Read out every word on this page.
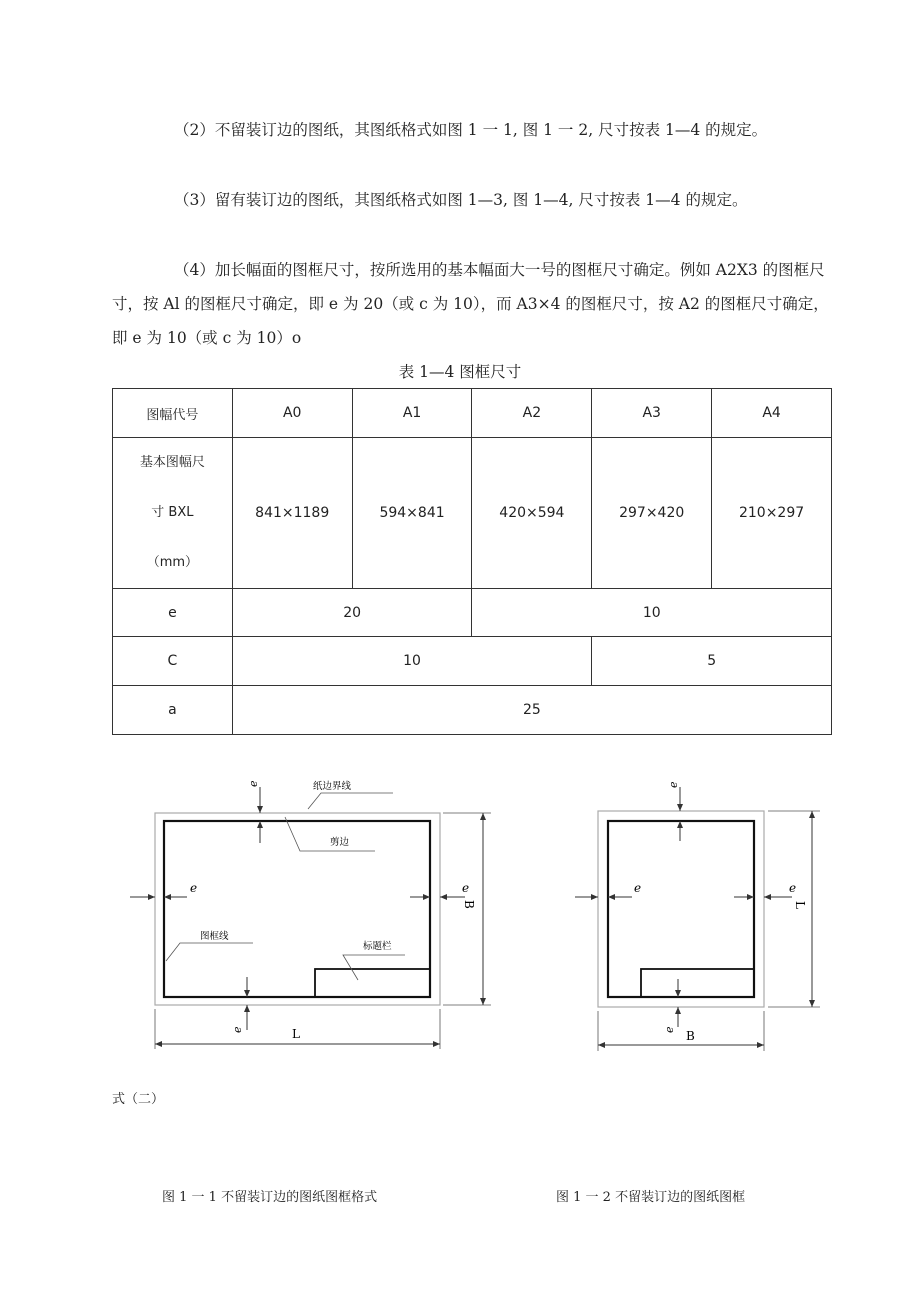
（2）不留装订边的图纸，其图纸格式如图 1 一 1, 图 1 一 2, 尺寸按表 1—4 的规定。

（3）留有装订边的图纸，其图纸格式如图 1—3, 图 1—4, 尺寸按表 1—4 的规定。

（4）加长幅面的图框尺寸，按所选用的基本幅面大一号的图框尺寸确定。例如 A2X3 的图框尺寸，按 Al 的图框尺寸确定，即 e 为 20（或 c 为 10），而 A3×4 的图框尺寸，按 A2 的图框尺寸确定，即 e 为 10（或 c 为 10）o

表 1—4 图框尺寸

图幅代号	A0	A1	A2	A3	A4

基本图幅尺
寸 BXL
（mm）	841×1189	594×841	420×594	297×420	210×297
e	20		10		
C	10			5	
a	25				
e
e	e
e
纸边界线
剪边
图框线
标题栏
L
B
e
e	e
e B
L
式（二）
图 1 一 1 不留装订边的图纸图框格式	图 1 一 2 不留装订边的图纸图框
